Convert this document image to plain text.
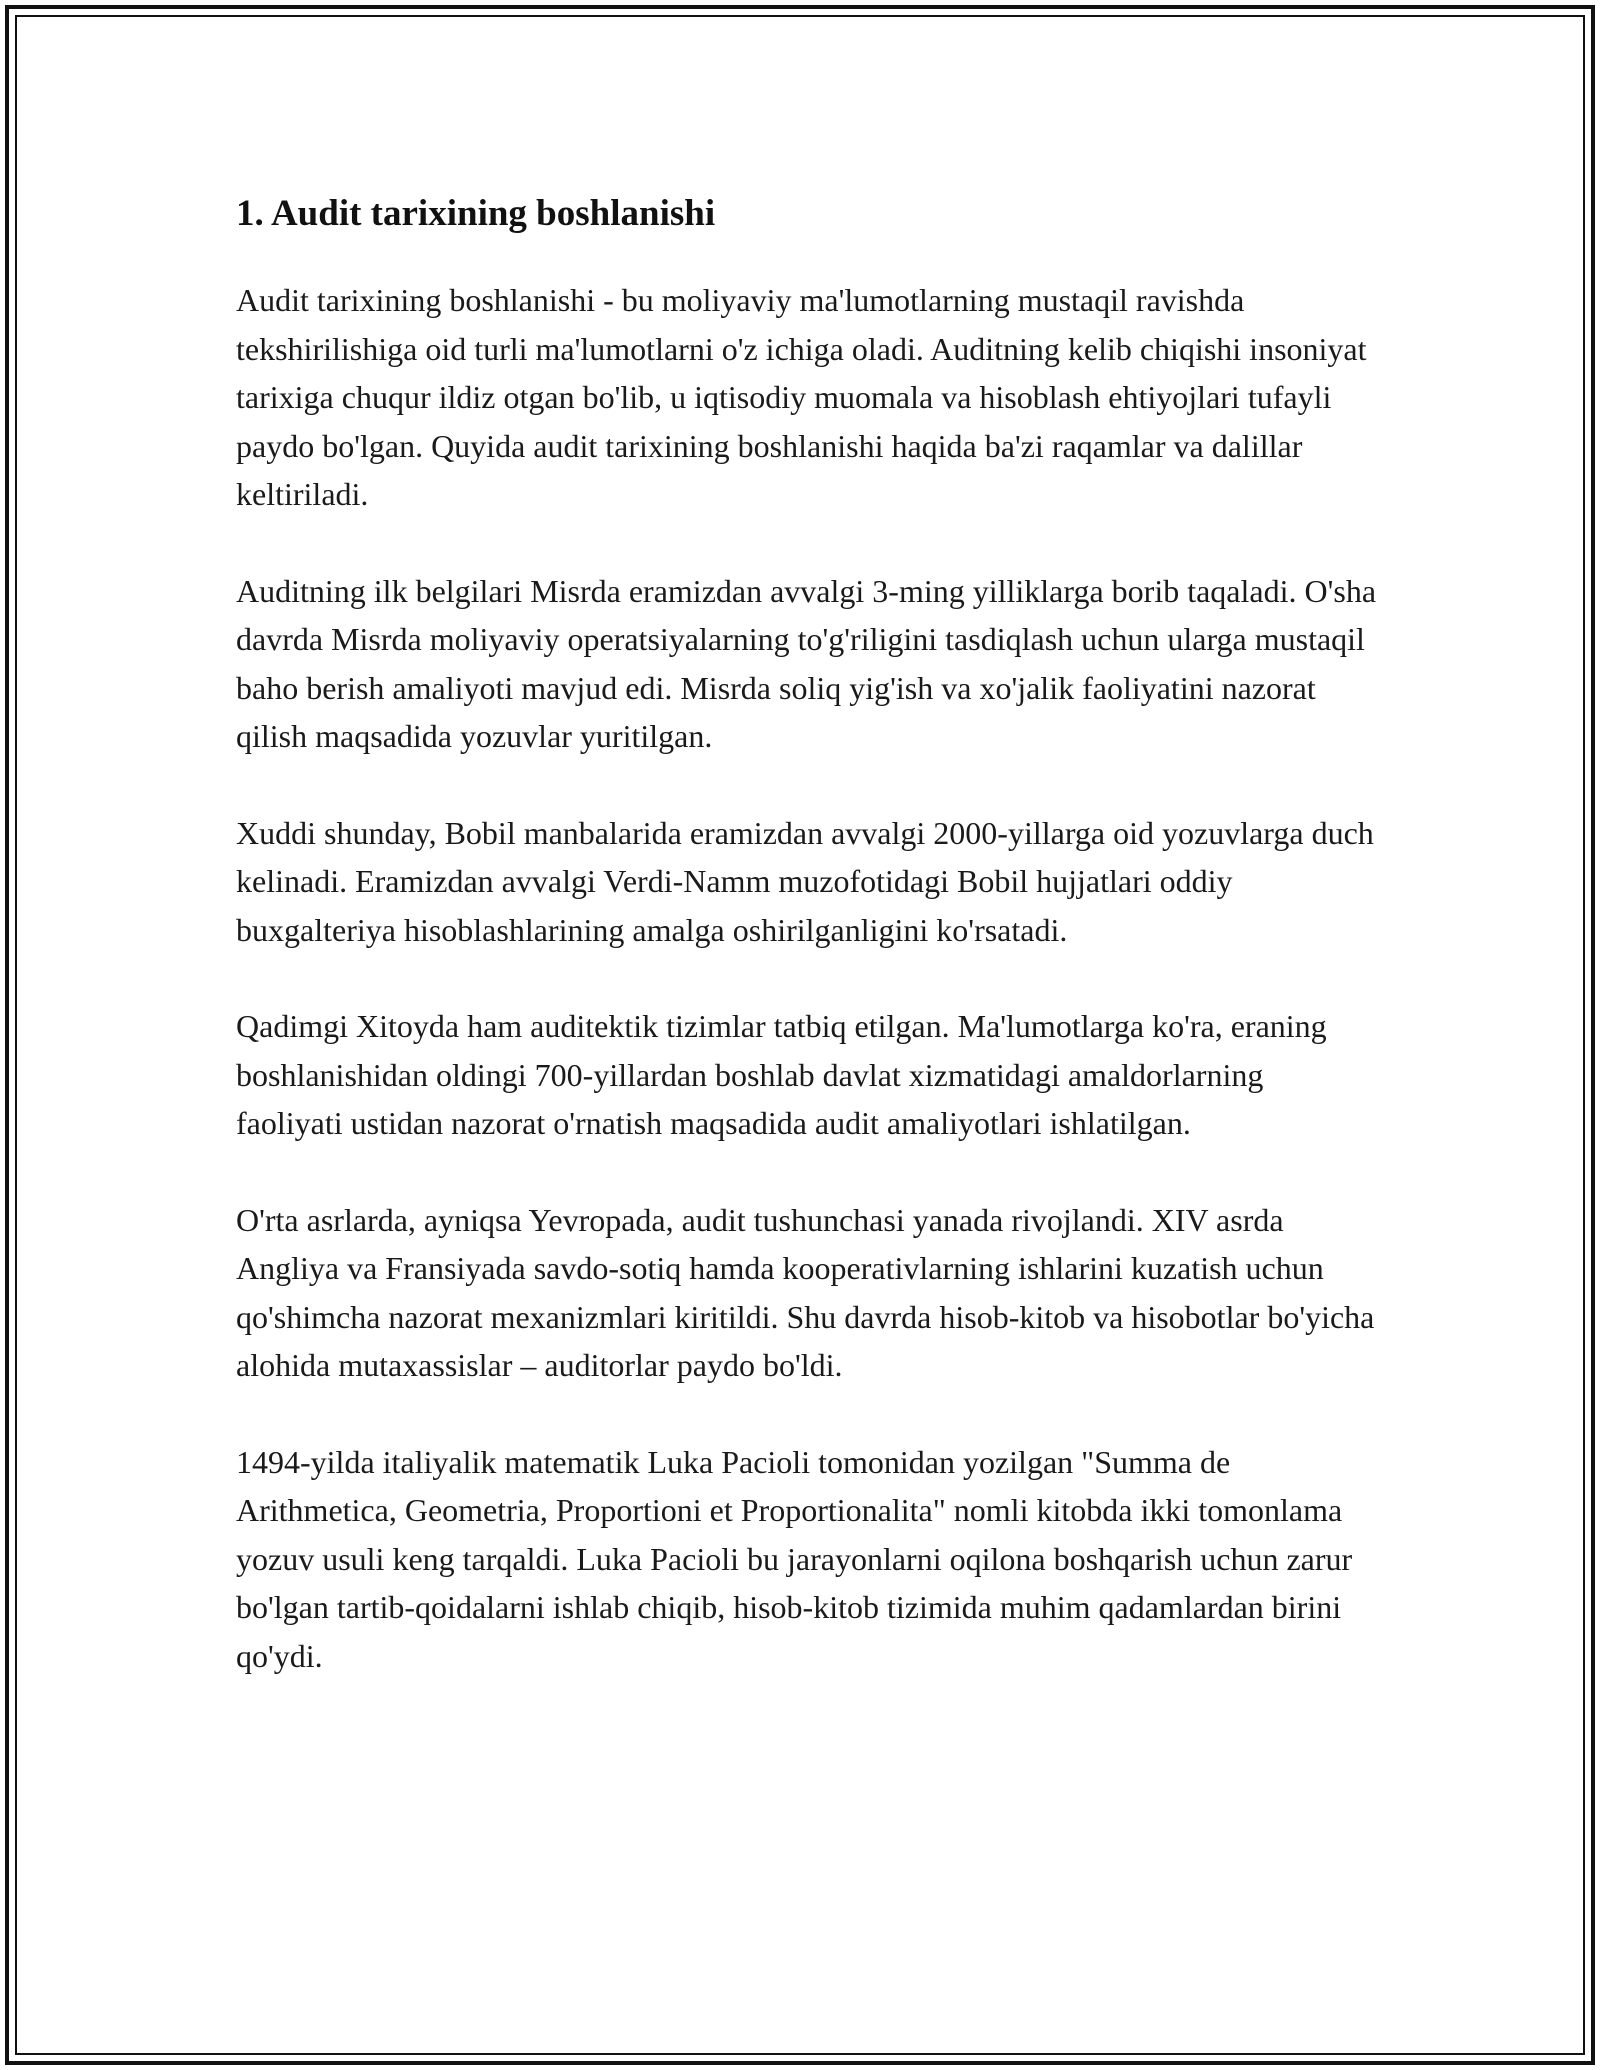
1. Audit tarixining boshlanishi

Audit tarixining boshlanishi - bu moliyaviy ma'lumotlarning mustaqil ravishda tekshirilishiga oid turli ma'lumotlarni o'z ichiga oladi. Auditning kelib chiqishi insoniyat tarixiga chuqur ildiz otgan bo'lib, u iqtisodiy muomala va hisoblash ehtiyojlari tufayli paydo bo'lgan. Quyida audit tarixining boshlanishi haqida ba'zi raqamlar va dalillar keltiriladi.

Auditning ilk belgilari Misrda eramizdan avvalgi 3-ming yilliklarga borib taqaladi. O'sha davrda Misrda moliyaviy operatsiyalarning to'g'riligini tasdiqlash uchun ularga mustaqil baho berish amaliyoti mavjud edi. Misrda soliq yig'ish va xo'jalik faoliyatini nazorat qilish maqsadida yozuvlar yuritilgan.

Xuddi shunday, Bobil manbalarida eramizdan avvalgi 2000-yillarga oid yozuvlarga duch kelinadi. Eramizdan avvalgi Verdi-Namm muzofotidagi Bobil hujjatlari oddiy buxgalteriya hisoblashlarining amalga oshirilganligini ko'rsatadi.

Qadimgi Xitoyda ham auditektik tizimlar tatbiq etilgan. Ma'lumotlarga ko'ra, eraning boshlanishidan oldingi 700-yillardan boshlab davlat xizmatidagi amaldorlarning faoliyati ustidan nazorat o'rnatish maqsadida audit amaliyotlari ishlatilgan.

O'rta asrlarda, ayniqsa Yevropada, audit tushunchasi yanada rivojlandi. XIV asrda Angliya va Fransiyada savdo-sotiq hamda kooperativlarning ishlarini kuzatish uchun qo'shimcha nazorat mexanizmlari kiritildi. Shu davrda hisob-kitob va hisobotlar bo'yicha alohida mutaxassislar – auditorlar paydo bo'ldi.

1494-yilda italiyalik matematik Luka Pacioli tomonidan yozilgan "Summa de Arithmetica, Geometria, Proportioni et Proportionalita" nomli kitobda ikki tomonlama yozuv usuli keng tarqaldi. Luka Pacioli bu jarayonlarni oqilona boshqarish uchun zarur bo'lgan tartib-qoidalarni ishlab chiqib, hisob-kitob tizimida muhim qadamlardan birini qo'ydi.
